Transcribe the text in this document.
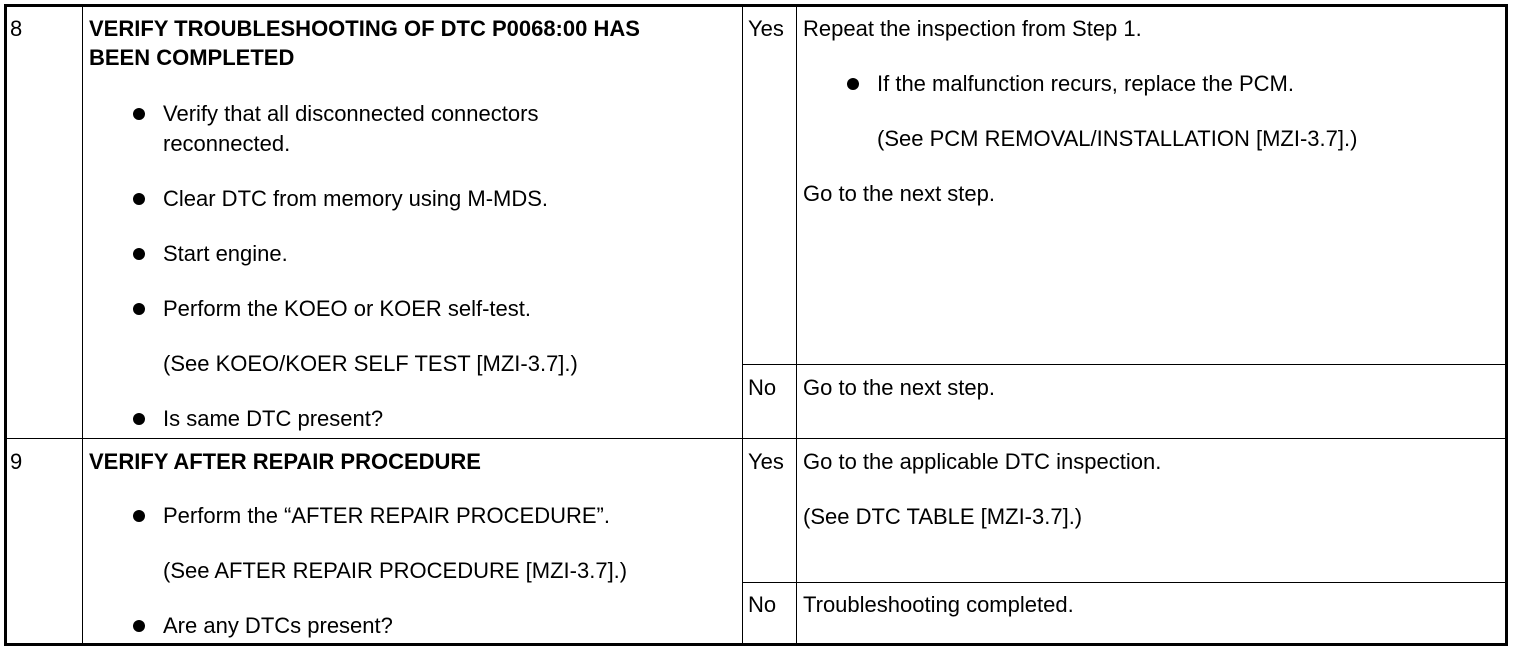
8	VERIFY TROUBLESHOOTING OF DTC P0068:00 HAS
BEEN COMPLETED
Verify that all disconnected connectors
reconnected.
Clear DTC from memory using M-MDS.
Start engine.
Perform the KOEO or KOER self-test.
(See KOEO/KOER SELF TEST [MZI-3.7].)
Is same DTC present?
Yes Repeat the inspection from Step 1.
If the malfunction recurs, replace the PCM.
(See PCM REMOVAL/INSTALLATION [MZI-3.7].)
Go to the next step.
No Go to the next step.
9	VERIFY AFTER REPAIR PROCEDURE
Perform the “AFTER REPAIR PROCEDURE”.
(See AFTER REPAIR PROCEDURE [MZI-3.7].)
Are any DTCs present?
Yes Go to the applicable DTC inspection.
(See DTC TABLE [MZI-3.7].)
No Troubleshooting completed.
